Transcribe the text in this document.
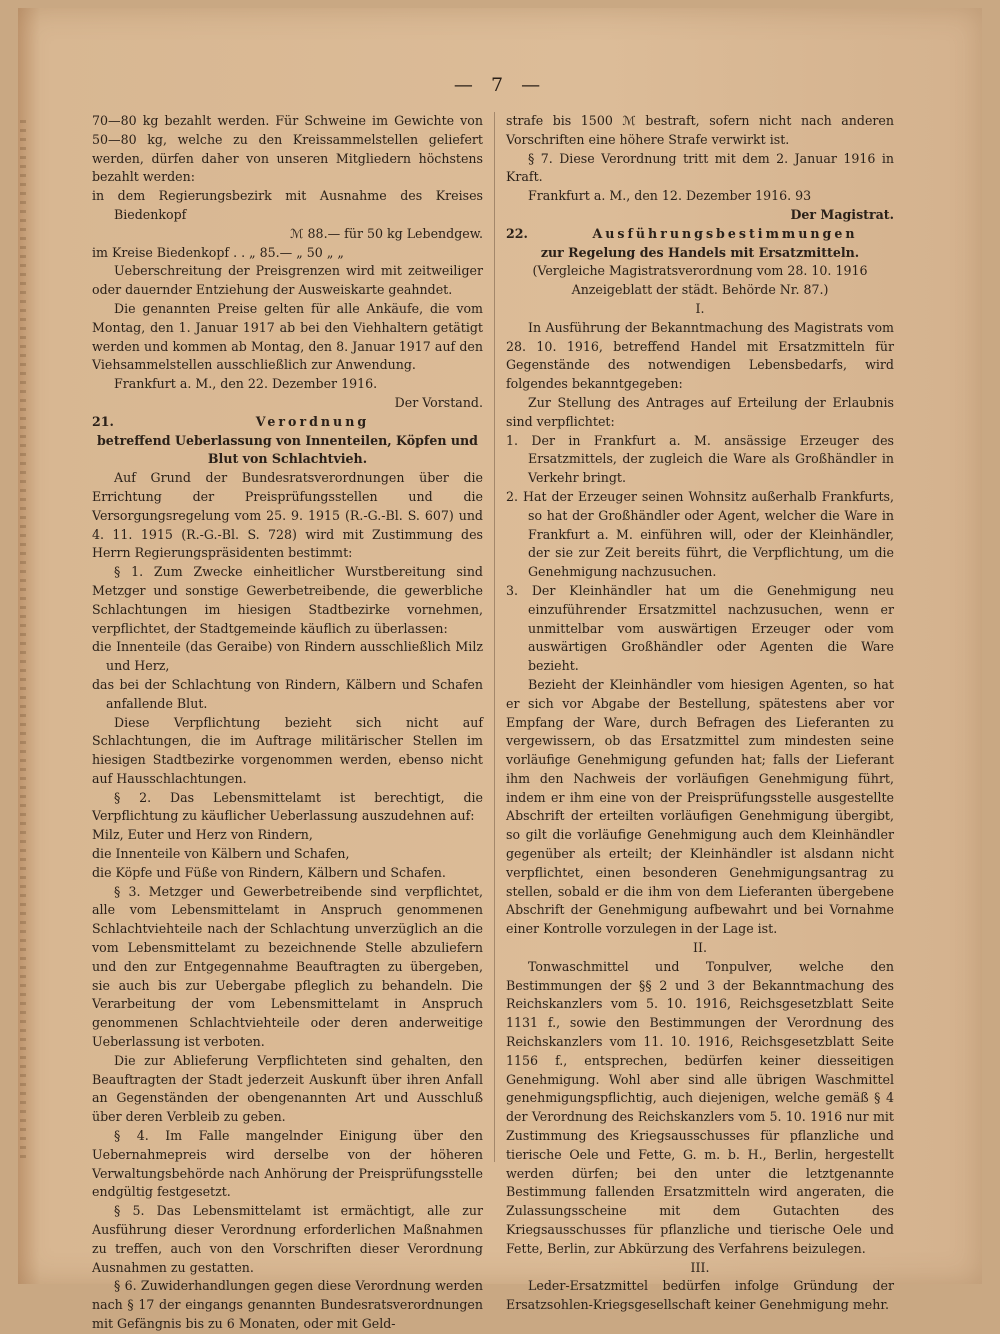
— 7 —

70—80 kg bezahlt werden. Für Schweine im Gewichte von 50—80 kg, welche zu den Kreissammelstellen geliefert werden, dürfen daher von unseren Mitgliedern höchstens bezahlt werden:

in dem Regierungsbezirk mit Ausnahme des Kreises Biedenkopf

ℳ 88.— für 50 kg Lebendgew.

im Kreise Biedenkopf . . „ 85.— „ 50 „ „

Ueberschreitung der Preisgrenzen wird mit zeitweiliger oder dauernder Entziehung der Ausweiskarte geahndet.

Die genannten Preise gelten für alle Ankäufe, die vom Montag, den 1. Januar 1917 ab bei den Viehhaltern getätigt werden und kommen ab Montag, den 8. Januar 1917 auf den Viehsammelstellen ausschließlich zur Anwendung.

Frankfurt a. M., den 22. Dezember 1916.

Der Vorstand.

21.	Verordnung

betreffend Ueberlassung von Innenteilen, Köpfen und Blut von Schlachtvieh.

Auf Grund der Bundesratsverordnungen über die Errichtung der Preisprüfungsstellen und die Versorgungsregelung vom 25. 9. 1915 (R.-G.-Bl. S. 607) und 4. 11. 1915 (R.-G.-Bl. S. 728) wird mit Zustimmung des Herrn Regierungspräsidenten bestimmt:

§ 1. Zum Zwecke einheitlicher Wurstbereitung sind Metzger und sonstige Gewerbetreibende, die gewerbliche Schlachtungen im hiesigen Stadtbezirke vornehmen, verpflichtet, der Stadtgemeinde käuflich zu überlassen:

die Innenteile (das Geraibe) von Rindern ausschließlich Milz und Herz,

das bei der Schlachtung von Rindern, Kälbern und Schafen anfallende Blut.

Diese Verpflichtung bezieht sich nicht auf Schlachtungen, die im Auftrage militärischer Stellen im hiesigen Stadtbezirke vorgenommen werden, ebenso nicht auf Hausschlachtungen.

§ 2. Das Lebensmittelamt ist berechtigt, die Verpflichtung zu käuflicher Ueberlassung auszudehnen auf:

Milz, Euter und Herz von Rindern,

die Innenteile von Kälbern und Schafen,

die Köpfe und Füße von Rindern, Kälbern und Schafen.

§ 3. Metzger und Gewerbetreibende sind verpflichtet, alle vom Lebensmittelamt in Anspruch genommenen Schlachtviehteile nach der Schlachtung unverzüglich an die vom Lebensmittelamt zu bezeichnende Stelle abzuliefern und den zur Entgegennahme Beauftragten zu übergeben, sie auch bis zur Uebergabe pfleglich zu behandeln. Die Verarbeitung der vom Lebensmittelamt in Anspruch genommenen Schlachtviehteile oder deren anderweitige Ueberlassung ist verboten.

Die zur Ablieferung Verpflichteten sind gehalten, den Beauftragten der Stadt jederzeit Auskunft über ihren Anfall an Gegenständen der obengenannten Art und Ausschluß über deren Verbleib zu geben.

§ 4. Im Falle mangelnder Einigung über den Uebernahmepreis wird derselbe von der höheren Verwaltungsbehörde nach Anhörung der Preisprüfungsstelle endgültig festgesetzt.

§ 5. Das Lebensmittelamt ist ermächtigt, alle zur Ausführung dieser Verordnung erforderlichen Maßnahmen zu treffen, auch von den Vorschriften dieser Verordnung Ausnahmen zu gestatten.

§ 6. Zuwiderhandlungen gegen diese Verordnung werden nach § 17 der eingangs genannten Bundesratsverordnungen mit Gefängnis bis zu 6 Monaten, oder mit Geld-

strafe bis 1500 ℳ bestraft, sofern nicht nach anderen Vorschriften eine höhere Strafe verwirkt ist.

§ 7. Diese Verordnung tritt mit dem 2. Januar 1916 in Kraft.

Frankfurt a. M., den 12. Dezember 1916. 93

Der Magistrat.

22.	Ausführungsbestimmungen

zur Regelung des Handels mit Ersatzmitteln.

(Vergleiche Magistratsverordnung vom 28. 10. 1916 Anzeigeblatt der städt. Behörde Nr. 87.)

I.

In Ausführung der Bekanntmachung des Magistrats vom 28. 10. 1916, betreffend Handel mit Ersatzmitteln für Gegenstände des notwendigen Lebensbedarfs, wird folgendes bekanntgegeben:

Zur Stellung des Antrages auf Erteilung der Erlaubnis sind verpflichtet:

1. Der in Frankfurt a. M. ansässige Erzeuger des Ersatzmittels, der zugleich die Ware als Großhändler in Verkehr bringt.

2. Hat der Erzeuger seinen Wohnsitz außerhalb Frankfurts, so hat der Großhändler oder Agent, welcher die Ware in Frankfurt a. M. einführen will, oder der Kleinhändler, der sie zur Zeit bereits führt, die Verpflichtung, um die Genehmigung nachzusuchen.

3. Der Kleinhändler hat um die Genehmigung neu einzuführender Ersatzmittel nachzusuchen, wenn er unmittelbar vom auswärtigen Erzeuger oder vom auswärtigen Großhändler oder Agenten die Ware bezieht.

Bezieht der Kleinhändler vom hiesigen Agenten, so hat er sich vor Abgabe der Bestellung, spätestens aber vor Empfang der Ware, durch Befragen des Lieferanten zu vergewissern, ob das Ersatzmittel zum mindesten seine vorläufige Genehmigung gefunden hat; falls der Lieferant ihm den Nachweis der vorläufigen Genehmigung führt, indem er ihm eine von der Preisprüfungsstelle ausgestellte Abschrift der erteilten vorläufigen Genehmigung übergibt, so gilt die vorläufige Genehmigung auch dem Kleinhändler gegenüber als erteilt; der Kleinhändler ist alsdann nicht verpflichtet, einen besonderen Genehmigungsantrag zu stellen, sobald er die ihm von dem Lieferanten übergebene Abschrift der Genehmigung aufbewahrt und bei Vornahme einer Kontrolle vorzulegen in der Lage ist.

II.

Tonwaschmittel und Tonpulver, welche den Bestimmungen der §§ 2 und 3 der Bekanntmachung des Reichskanzlers vom 5. 10. 1916, Reichsgesetzblatt Seite 1131 f., sowie den Bestimmungen der Verordnung des Reichskanzlers vom 11. 10. 1916, Reichsgesetzblatt Seite 1156 f., entsprechen, bedürfen keiner diesseitigen Genehmigung. Wohl aber sind alle übrigen Waschmittel genehmigungspflichtig, auch diejenigen, welche gemäß § 4 der Verordnung des Reichskanzlers vom 5. 10. 1916 nur mit Zustimmung des Kriegsausschusses für pflanzliche und tierische Oele und Fette, G. m. b. H., Berlin, hergestellt werden dürfen; bei den unter die letztgenannte Bestimmung fallenden Ersatzmitteln wird angeraten, die Zulassungsscheine mit dem Gutachten des Kriegsausschusses für pflanzliche und tierische Oele und Fette, Berlin, zur Abkürzung des Verfahrens beizulegen.

III.

Leder-Ersatzmittel bedürfen infolge Gründung der Ersatzsohlen-Kriegsgesellschaft keiner Genehmigung mehr.
